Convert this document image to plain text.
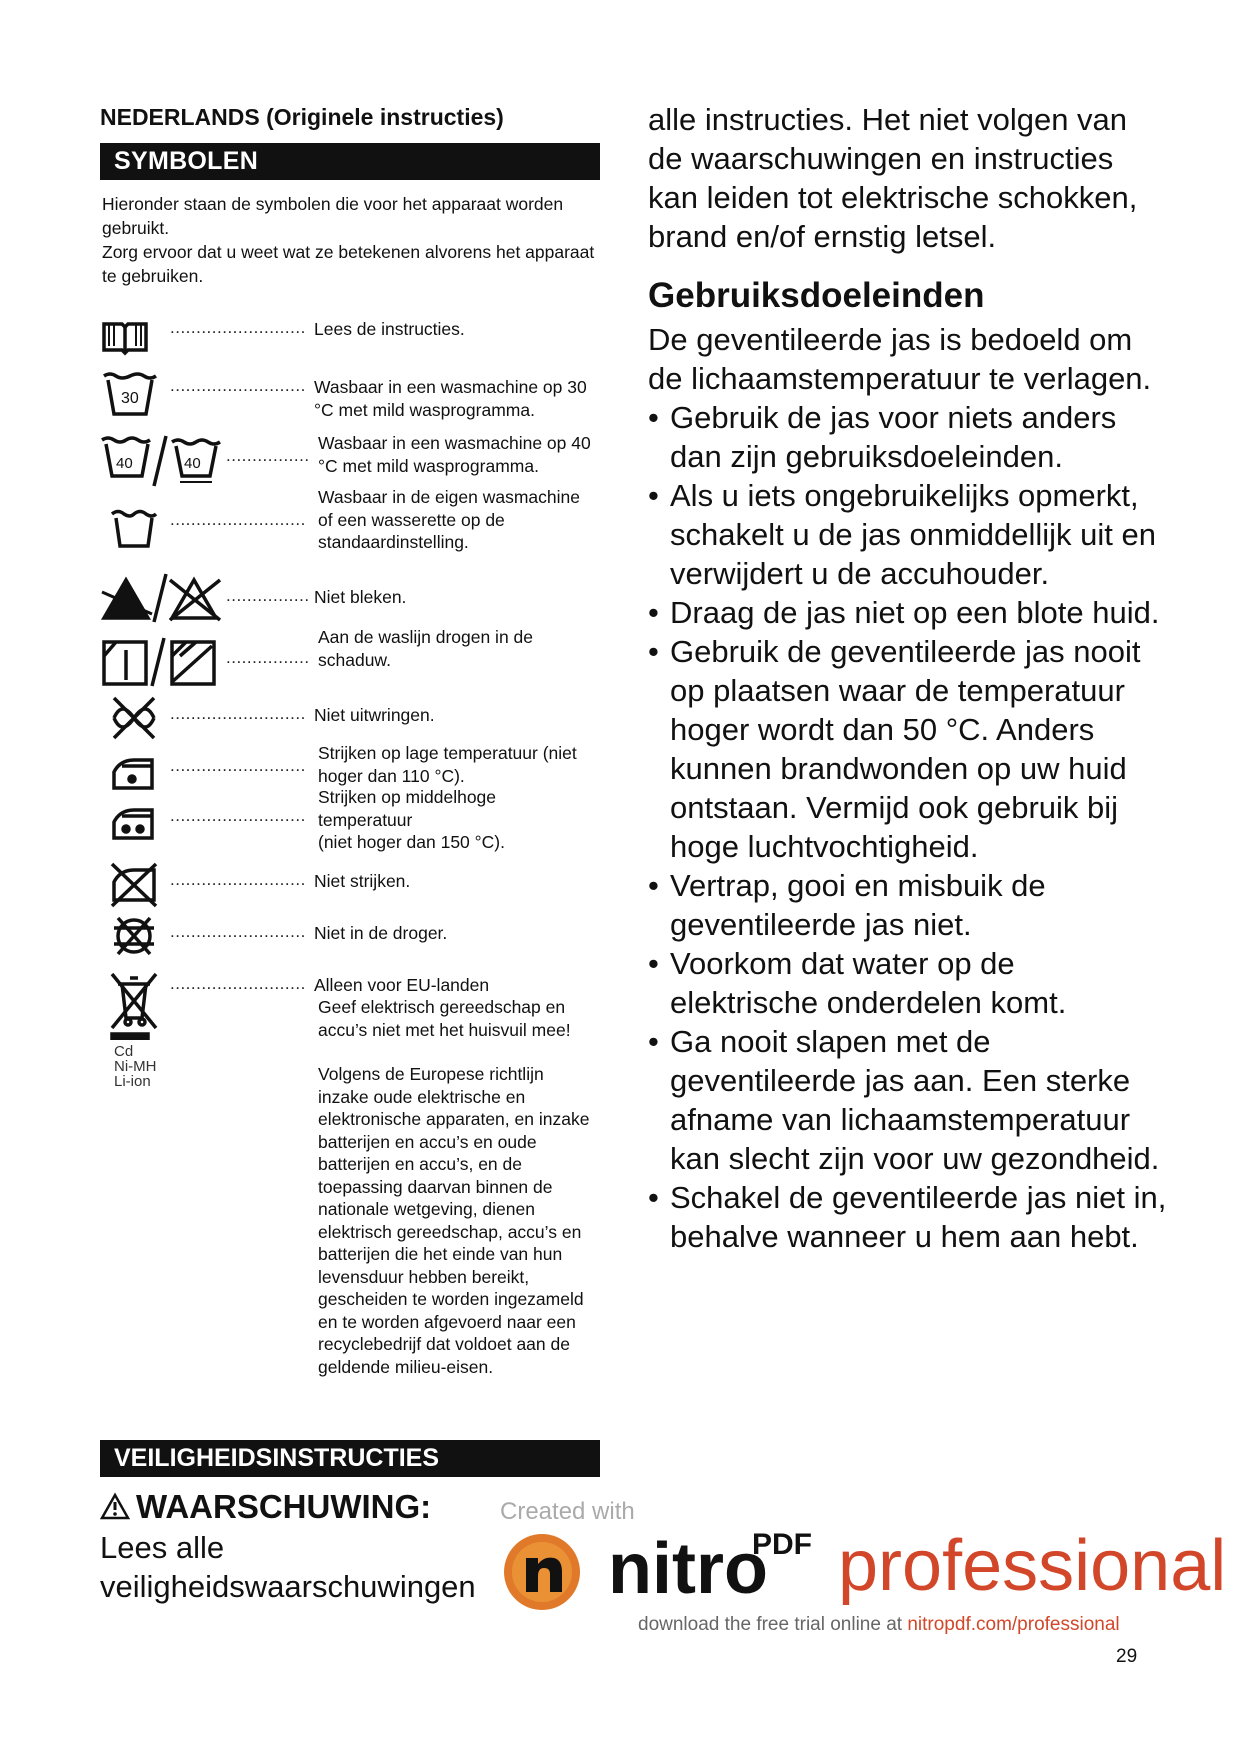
NEDERLANDS (Originele instructies)
SYMBOLEN

Hieronder staan de symbolen die voor het apparaat worden gebruikt.

Zorg ervoor dat u weet wat ze betekenen alvorens het apparaat te gebruiken.

.......................... Lees de instructies.
30
.......................... Wasbaar in een wasmachine op 30 °C met mild wasprogramma.
40	40 ................
Wasbaar in een wasmachine op 40 °C met mild wasprogramma.
..........................
Wasbaar in de eigen wasmachine of een wasserette op de standaardinstelling.
................ Niet bleken.
................
Aan de waslijn drogen in de schaduw.
.......................... Niet uitwringen.
..........................
Strijken op lage temperatuur (niet hoger dan 110 °C).
..........................
Strijken op middelhoge temperatuur
(niet hoger dan 150 °C).
.......................... Niet strijken.
.......................... Niet in de droger.
Cd
Ni-MH
Li-ion
.......................... Alleen voor EU-landen
Geef elektrisch gereedschap en accu’s niet met het huisvuil mee!
Volgens de Europese richtlijn inzake oude elektrische en elektronische apparaten, en inzake batterijen en accu’s en oude batterijen en accu’s, en de toepassing daarvan binnen de nationale wetgeving, dienen elektrisch gereedschap, accu’s en batterijen die het einde van hun levensduur hebben bereikt, gescheiden te worden ingezameld en te worden afgevoerd naar een recyclebedrijf dat voldoet aan de geldende milieu-eisen.
VEILIGHEIDSINSTRUCTIES
WAARSCHUWING:
Lees alle veiligheidswaarschuwingen

alle instructies. Het niet volgen van de waarschuwingen en instructies kan leiden tot elektrische schokken, brand en/of ernstig letsel.

Gebruiksdoeleinden

De geventileerde jas is bedoeld om de lichaamstemperatuur te verlagen.

• Gebruik de jas voor niets anders dan zijn gebruiksdoeleinden.
• Als u iets ongebruikelijks opmerkt, schakelt u de jas onmiddellijk uit en verwijdert u de accuhouder.
• Draag de jas niet op een blote huid.
• Gebruik de geventileerde jas nooit op plaatsen waar de temperatuur hoger wordt dan 50 °C. Anders kunnen brandwonden op uw huid ontstaan. Vermijd ook gebruik bij hoge luchtvochtigheid.
• Vertrap, gooi en misbuik de geventileerde jas niet.
• Voorkom dat water op de elektrische onderdelen komt.
• Ga nooit slapen met de geventileerde jas aan. Een sterke afname van lichaamstemperatuur kan slecht zijn voor uw gezondheid.
• Schakel de geventileerde jas niet in, behalve wanneer u hem aan hebt.
Created with
nitro
PDF professional
download the free trial online at nitropdf.com/professional
29
